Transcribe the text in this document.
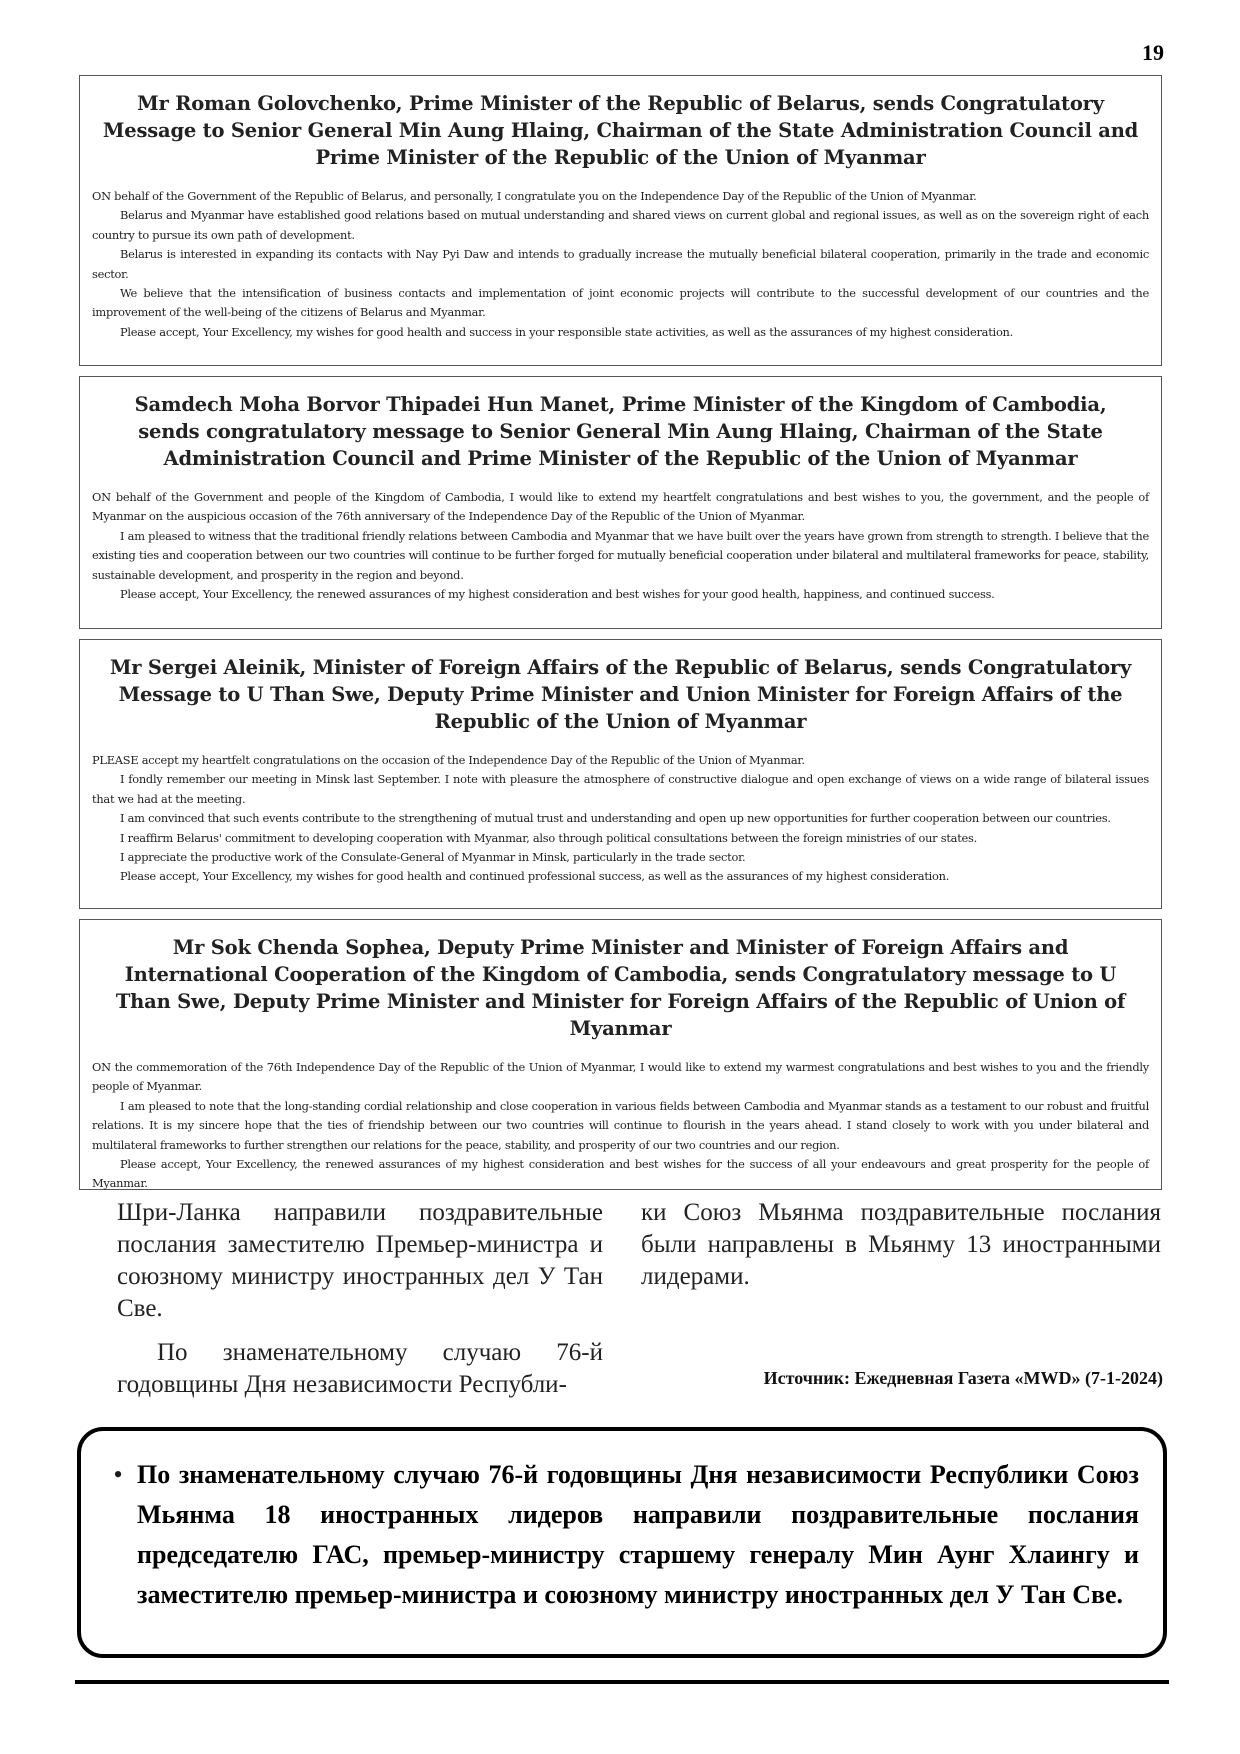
19
Mr Roman Golovchenko, Prime Minister of the Republic of Belarus, sends Congratulatory Message to Senior General Min Aung Hlaing, Chairman of the State Administration Council and Prime Minister of the Republic of the Union of Myanmar

ON behalf of the Government of the Republic of Belarus, and personally, I congratulate you on the Independence Day of the Republic of the Union of Myanmar.

Belarus and Myanmar have established good relations based on mutual understanding and shared views on current global and regional issues, as well as on the sovereign right of each country to pursue its own path of development.

Belarus is interested in expanding its contacts with Nay Pyi Daw and intends to gradually increase the mutually beneficial bilateral cooperation, primarily in the trade and economic sector.

We believe that the intensification of business contacts and implementation of joint economic projects will contribute to the successful development of our countries and the improvement of the well-being of the citizens of Belarus and Myanmar.

Please accept, Your Excellency, my wishes for good health and success in your responsible state activities, as well as the assurances of my highest consideration.

Samdech Moha Borvor Thipadei Hun Manet, Prime Minister of the Kingdom of Cambodia, sends congratulatory message to Senior General Min Aung Hlaing, Chairman of the State Administration Council and Prime Minister of the Republic of the Union of Myanmar

ON behalf of the Government and people of the Kingdom of Cambodia, I would like to extend my heartfelt congratulations and best wishes to you, the government, and the people of Myanmar on the auspicious occasion of the 76th anniversary of the Independence Day of the Republic of the Union of Myanmar.

I am pleased to witness that the traditional friendly relations between Cambodia and Myanmar that we have built over the years have grown from strength to strength. I believe that the existing ties and cooperation between our two countries will continue to be further forged for mutually beneficial cooperation under bilateral and multilateral frameworks for peace, stability, sustainable development, and prosperity in the region and beyond.

Please accept, Your Excellency, the renewed assurances of my highest consideration and best wishes for your good health, happiness, and continued success.

Mr Sergei Aleinik, Minister of Foreign Affairs of the Republic of Belarus, sends Congratulatory Message to U Than Swe, Deputy Prime Minister and Union Minister for Foreign Affairs of the Republic of the Union of Myanmar

PLEASE accept my heartfelt congratulations on the occasion of the Independence Day of the Republic of the Union of Myanmar.

I fondly remember our meeting in Minsk last September. I note with pleasure the atmosphere of constructive dialogue and open exchange of views on a wide range of bilateral issues that we had at the meeting.

I am convinced that such events contribute to the strengthening of mutual trust and understanding and open up new opportunities for further cooperation between our countries.

I reaffirm Belarus' commitment to developing cooperation with Myanmar, also through political consultations between the foreign ministries of our states.

I appreciate the productive work of the Consulate-General of Myanmar in Minsk, particularly in the trade sector.

Please accept, Your Excellency, my wishes for good health and continued professional success, as well as the assurances of my highest consideration.

Mr Sok Chenda Sophea, Deputy Prime Minister and Minister of Foreign Affairs and International Cooperation of the Kingdom of Cambodia, sends Congratulatory message to U Than Swe, Deputy Prime Minister and Minister for Foreign Affairs of the Republic of Union of Myanmar

ON the commemoration of the 76th Independence Day of the Republic of the Union of Myanmar, I would like to extend my warmest congratulations and best wishes to you and the friendly people of Myanmar.

I am pleased to note that the long-standing cordial relationship and close cooperation in various fields between Cambodia and Myanmar stands as a testament to our robust and fruitful relations. It is my sincere hope that the ties of friendship between our two countries will continue to flourish in the years ahead. I stand closely to work with you under bilateral and multilateral frameworks to further strengthen our relations for the peace, stability, and prosperity of our two countries and our region.

Please accept, Your Excellency, the renewed assurances of my highest consideration and best wishes for the success of all your endeavours and great prosperity for the people of Myanmar.

Шри-Ланка направили поздравительные послания заместителю Премьер-министра и союзному министру иностранных дел У Тан Све.

По знаменательному случаю 76-й годовщины Дня независимости Республи-

ки Союз Мьянма поздравительные послания были направлены в Мьянму 13 иностранными лидерами.

Источник: Ежедневная Газета «MWD» (7-1-2024)
• По знаменательному случаю 76-й годовщины Дня независимости Республики Союз Мьянма 18 иностранных лидеров направили поздравительные послания председателю ГАС, премьер-министру старшему генералу Мин Аунг Хлаингу и заместителю премьер-министра и союзному министру иностранных дел У Тан Све.
